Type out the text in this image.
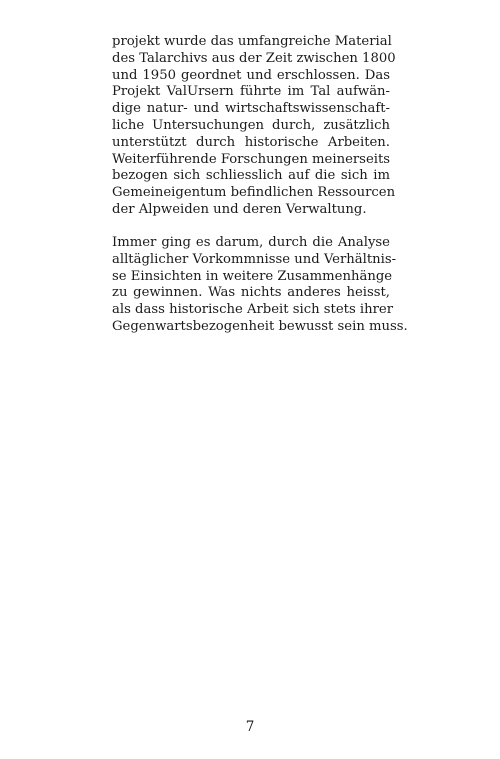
projekt wurde das umfangreiche Material
des Talarchivs aus der Zeit zwischen 1800
und 1950 geordnet und erschlossen. Das
Projekt ValUrsern führte im Tal aufwän-
dige natur- und wirtschaftswissenschaft-
liche Untersuchungen durch, zusätzlich
unterstützt durch historische Arbeiten.
Weiterführende Forschungen meinerseits
bezogen sich schliesslich auf die sich im
Gemeineigentum befindlichen Ressourcen
der Alpweiden und deren Verwaltung.
Immer ging es darum, durch die Analyse
alltäglicher Vorkommnisse und Verhältnis-
se Einsichten in weitere Zusammenhänge
zu gewinnen. Was nichts anderes heisst,
als dass historische Arbeit sich stets ihrer
Gegenwartsbezogenheit bewusst sein muss.
7
